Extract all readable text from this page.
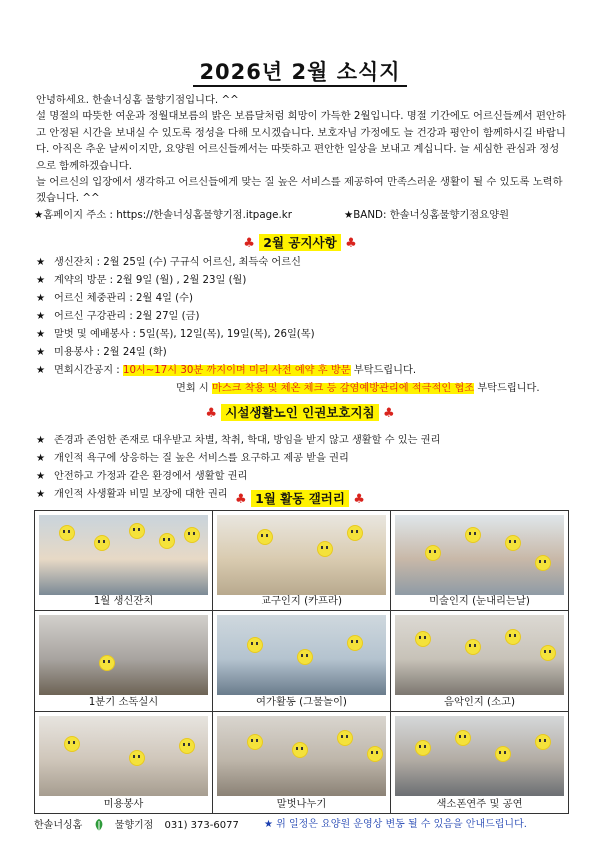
2026년 2월 소식지

안녕하세요. 한솔너싱홈 물향기점입니다. ^^

설 명절의 따뜻한 여운과 정월대보름의 밝은 보름달처럼 희망이 가득한 2월입니다. 명절 기간에도 어르신들께서 편안하고 안정된 시간을 보내실 수 있도록 정성을 다해 모시겠습니다. 보호자님 가정에도 늘 건강과 평안이 함께하시길 바랍니다. 아직은 추운 날씨이지만, 요양원 어르신들께서는 따뜻하고 편안한 일상을 보내고 계십니다. 늘 세심한 관심과 정성으로 함께하겠습니다.

늘 어르신의 입장에서 생각하고 어르신들에게 맞는 질 높은 서비스를 제공하여 만족스러운 생활이 될 수 있도록 노력하겠습니다. ^^

★홈페이지 주소 : https://한솔너싱홈물향기점.itpage.kr	★BAND: 한솔너싱홈물향기점요양원
♣ 2월 공지사항 ♣
★ 생신잔치 : 2월 25일 (수) 구규식 어르신, 최득숙 어르신
★ 계약의 방문 : 2월 9일 (월) , 2월 23일 (월)
★ 어르신 체중관리 : 2월 4일 (수)
★ 어르신 구강관리 : 2월 27일 (금)
★ 말벗 및 예배봉사 : 5일(목), 12일(목), 19일(목), 26일(목)
★ 미용봉사 : 2월 24일 (화)
★ 면회시간공지 : 10시~17시 30분 까지이며 미리 사전 예약 후 방문 부탁드립니다.
면회 시 마스크 착용 및 체온 체크 등 감염예방관리에 적극적인 협조 부탁드립니다.
♣ 시설생활노인 인권보호지침 ♣
★ 존경과 존엄한 존재로 대우받고 차별, 착취, 학대, 방임을 받지 않고 생활할 수 있는 권리
★ 개인적 욕구에 상응하는 질 높은 서비스를 요구하고 제공 받을 권리
★ 안전하고 가정과 같은 환경에서 생활할 권리
★ 개인적 사생활과 비밀 보장에 대한 권리 ♣ 1월 활동 갤러리 ♣
1월 생신잔치	교구인지 (카프라)	미술인지 (눈내리는날)
1분기 소독실시	여가활동 (그물놀이)	음악인지 (소고)
미용봉사	말벗나누기	색소폰연주 및 공연
한솔너싱홈	물향기점 031) 373-6077	★ 위 일정은 요양원 운영상 변동 될 수 있음을 안내드립니다.
